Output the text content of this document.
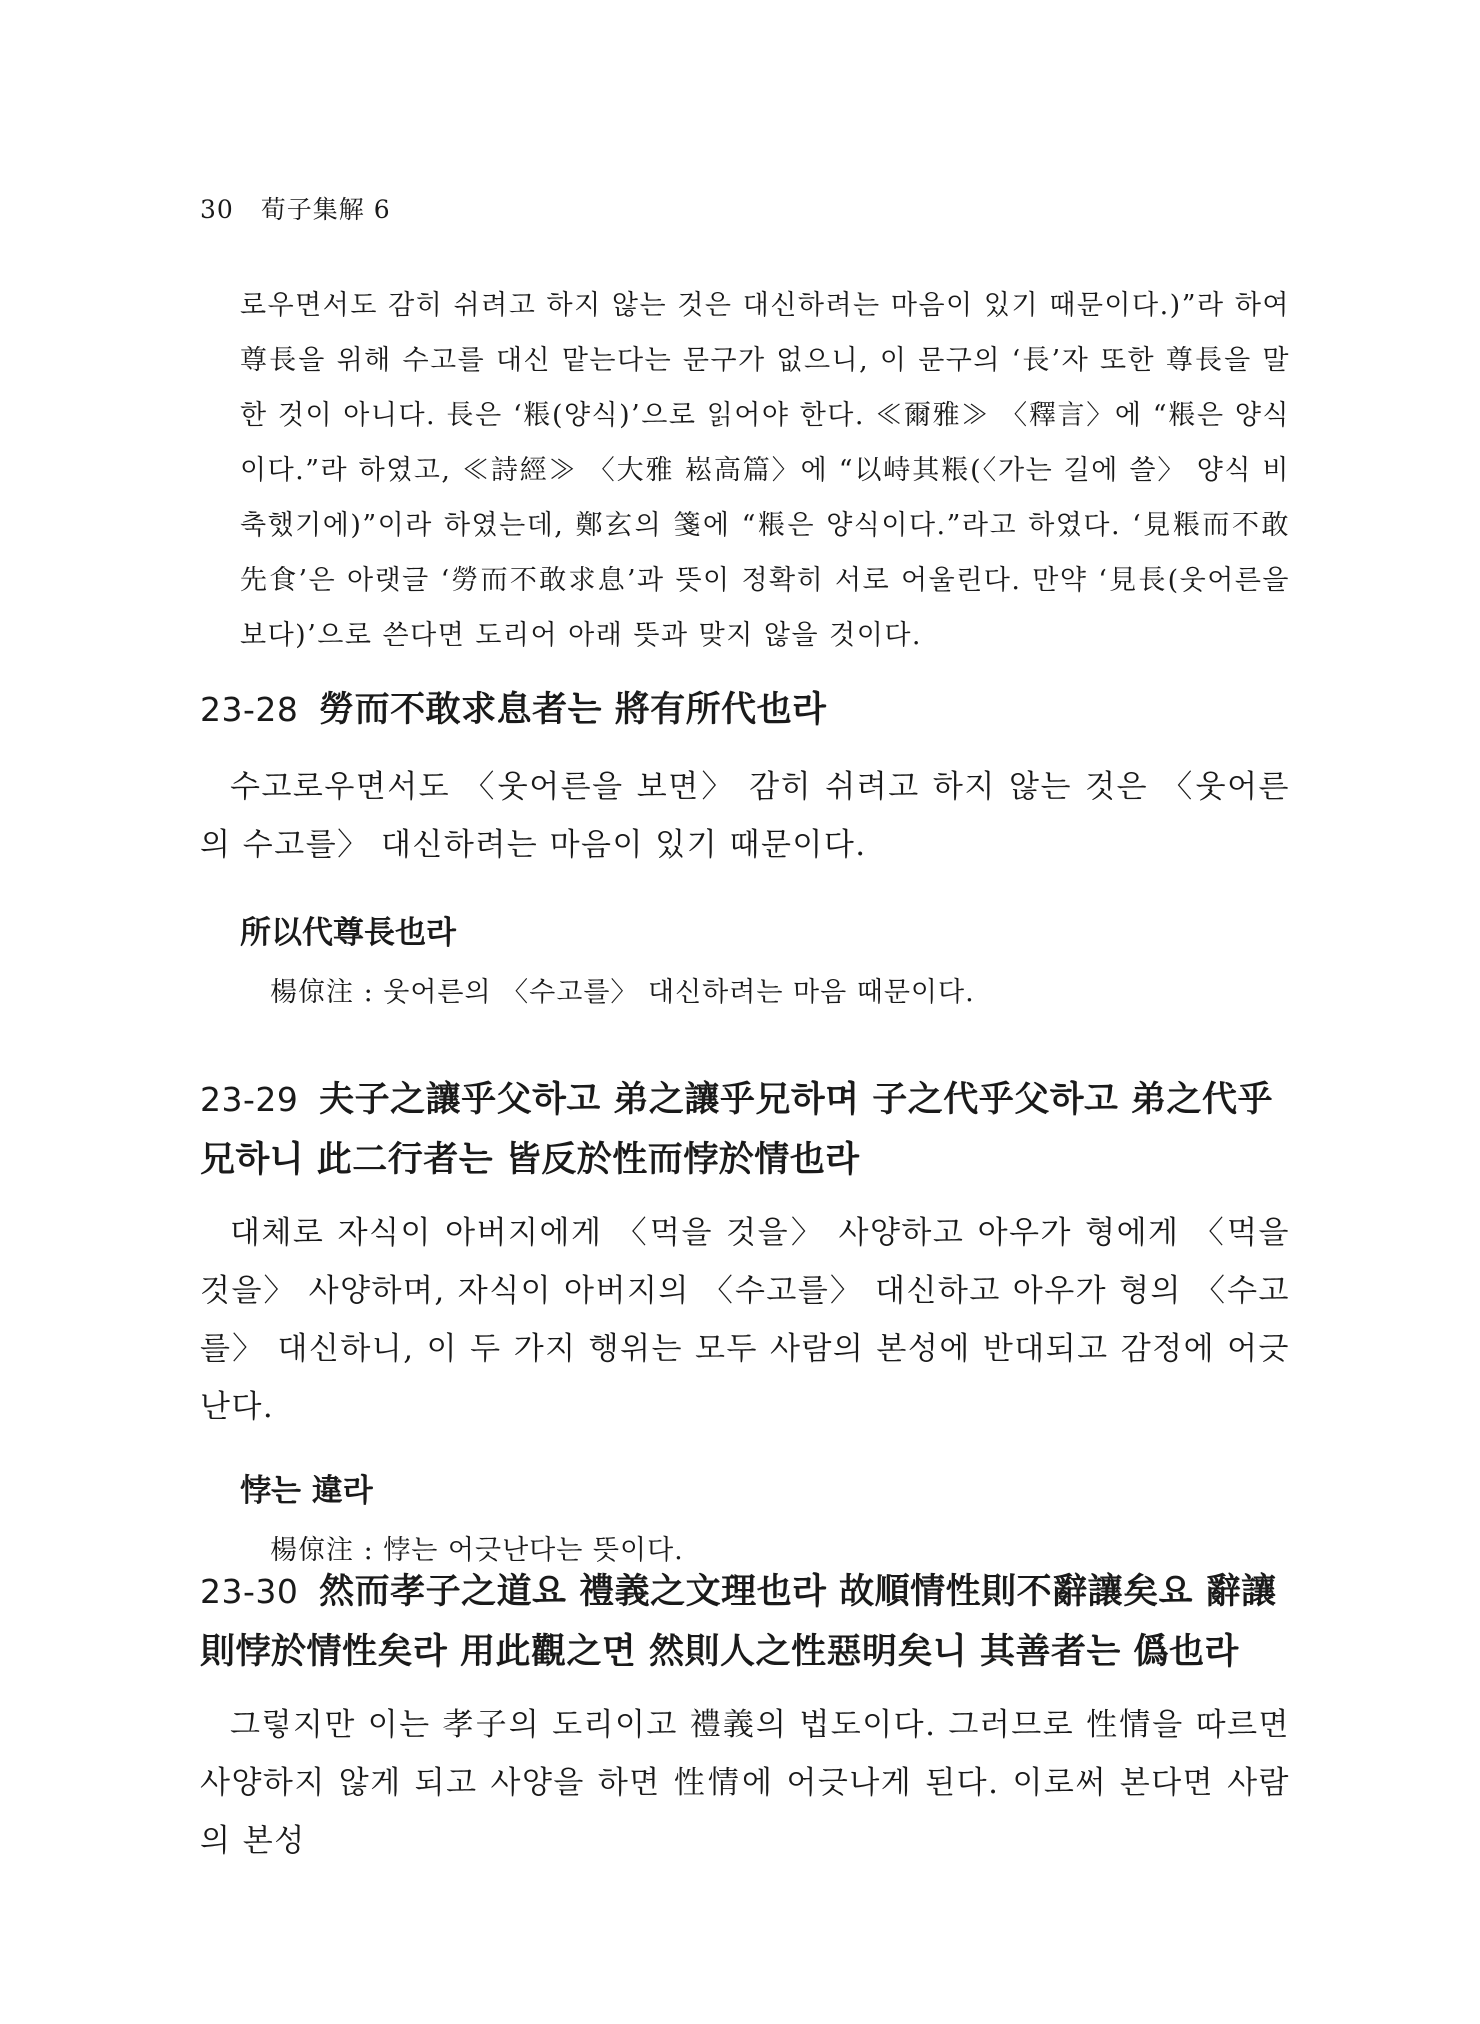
30 荀子集解 6
로우면서도 감히 쉬려고 하지 않는 것은 대신하려는 마음이 있기 때문이다.)”라 하여 尊長을 위해 수고를 대신 맡는다는 문구가 없으니, 이 문구의 ‘長’자 또한 尊長을 말한 것이 아니다. 長은 ‘粻(양식)’으로 읽어야 한다. ≪爾雅≫ 〈釋言〉에 “粻은 양식이다.”라 하였고, ≪詩經≫ 〈大雅 崧高篇〉에 “以峙其粻(〈가는 길에 쓸〉 양식 비축했기에)”이라 하였는데, 鄭玄의 箋에 “粻은 양식이다.”라고 하였다. ‘見粻而不敢先食’은 아랫글 ‘勞而不敢求息’과 뜻이 정확히 서로 어울린다. 만약 ‘見長(웃어른을 보다)’으로 쓴다면 도리어 아래 뜻과 맞지 않을 것이다.
23-28 勞而不敢求息者는 將有所代也라
수고로우면서도 〈웃어른을 보면〉 감히 쉬려고 하지 않는 것은 〈웃어른의 수고를〉 대신하려는 마음이 있기 때문이다.
所以代尊長也라
楊倞注 : 웃어른의 〈수고를〉 대신하려는 마음 때문이다.
23-29 夫子之讓乎父하고 弟之讓乎兄하며 子之代乎父하고 弟之代乎兄하니 此二行者는 皆反於性而悖於情也라
대체로 자식이 아버지에게 〈먹을 것을〉 사양하고 아우가 형에게 〈먹을 것을〉 사양하며, 자식이 아버지의 〈수고를〉 대신하고 아우가 형의 〈수고를〉 대신하니, 이 두 가지 행위는 모두 사람의 본성에 반대되고 감정에 어긋난다.
悖는 違라
楊倞注 : 悖는 어긋난다는 뜻이다.
23-30 然而孝子之道요 禮義之文理也라 故順情性則不辭讓矣요 辭讓則悖於情性矣라 用此觀之면 然則人之性惡明矣니 其善者는 僞也라
그렇지만 이는 孝子의 도리이고 禮義의 법도이다. 그러므로 性情을 따르면 사양하지 않게 되고 사양을 하면 性情에 어긋나게 된다. 이로써 본다면 사람의 본성
